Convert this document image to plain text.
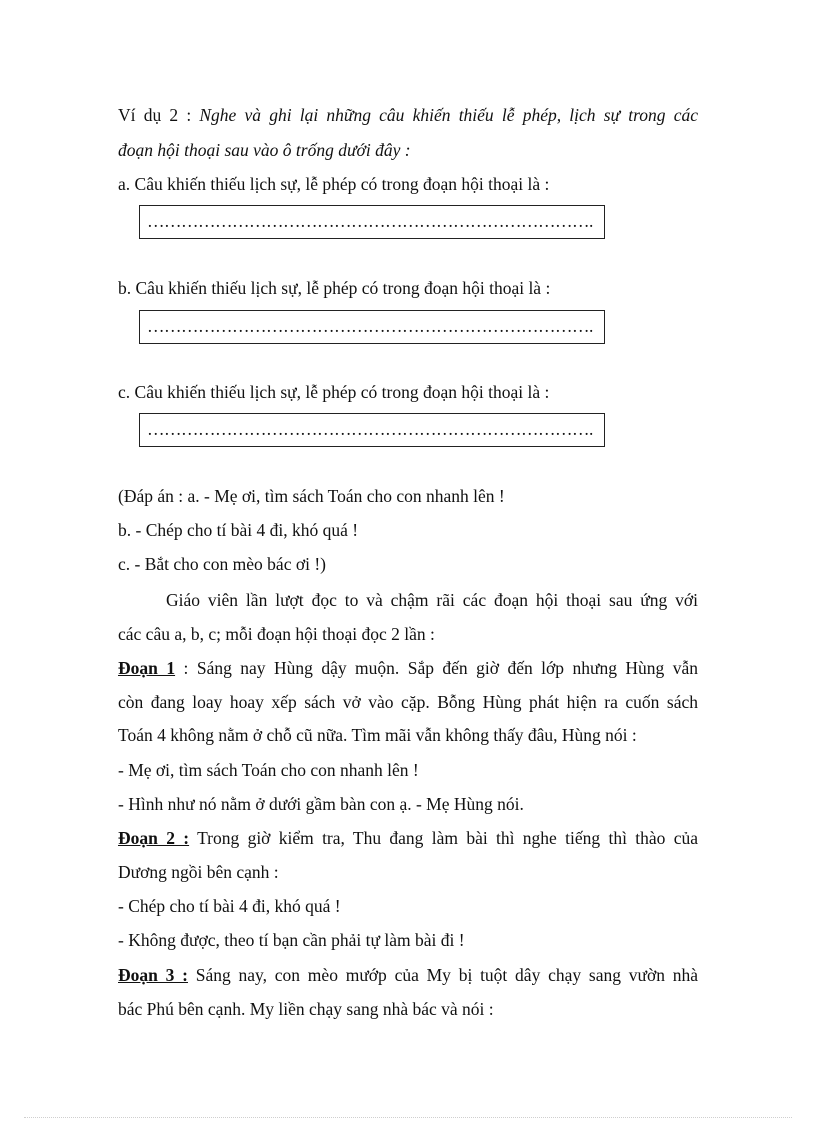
Ví dụ 2 : Nghe và ghi lại những câu khiến thiếu lễ phép, lịch sự trong các
đoạn hội thoại sau vào ô trống dưới đây :
a. Câu khiến thiếu lịch sự, lễ phép có trong đoạn hội thoại là :
…………………………………………………………………….
b. Câu khiến thiếu lịch sự, lễ phép có trong đoạn hội thoại là :
…………………………………………………………………….
c. Câu khiến thiếu lịch sự, lễ phép có trong đoạn hội thoại là :
…………………………………………………………………….
(Đáp án : a. - Mẹ ơi, tìm sách Toán cho con nhanh lên !
b. - Chép cho tí bài 4 đi, khó quá !
c. - Bắt cho con mèo bác ơi !)
Giáo viên lần lượt đọc to và chậm rãi các đoạn hội thoại sau ứng với
các câu a, b, c; mỗi đoạn hội thoại đọc 2 lần :
Đoạn 1 : Sáng nay Hùng dậy muộn. Sắp đến giờ đến lớp nhưng Hùng vẫn
còn đang loay hoay xếp sách vở vào cặp. Bỗng Hùng phát hiện ra cuốn sách
Toán 4 không nằm ở chỗ cũ nữa. Tìm mãi vẫn không thấy đâu, Hùng nói :
- Mẹ ơi, tìm sách Toán cho con nhanh lên !
- Hình như nó nằm ở dưới gầm bàn con ạ. - Mẹ Hùng nói.
Đoạn 2 : Trong giờ kiểm tra, Thu đang làm bài thì nghe tiếng thì thào của
Dương ngồi bên cạnh :
- Chép cho tí bài 4 đi, khó quá !
- Không được, theo tí bạn cần phải tự làm bài đi !
Đoạn 3 : Sáng nay, con mèo mướp của My bị tuột dây chạy sang vườn nhà
bác Phú bên cạnh. My liền chạy sang nhà bác và nói :
